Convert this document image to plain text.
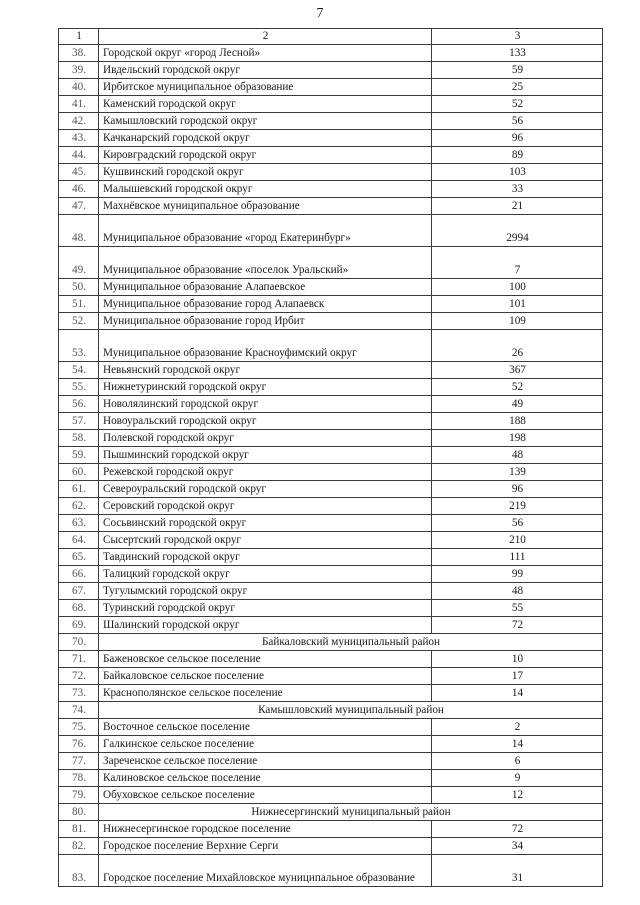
7
1	2	3
38.	Городской округ «город Лесной»	133
39.	Ивдельский городской округ	59
40.	Ирбитское муниципальное образование	25
41.	Каменский городской округ	52
42.	Камышловский городской округ	56
43.	Качканарский городской округ	96
44.	Кировградский городской округ	89
45.	Кушвинский городской округ	103
46.	Малышевский городской округ	33
47.	Махнёвское муниципальное образование	21
48.	Муниципальное образование «город Екатеринбург»	2994
49.	Муниципальное образование «поселок Уральский»	7
50.	Муниципальное образование Алапаевское	100
51.	Муниципальное образование город Алапаевск	101
52.	Муниципальное образование город Ирбит	109
53.	Муниципальное образование Красноуфимский округ	26
54.	Невьянский городской округ	367
55.	Нижнетуринский городской округ	52
56.	Новолялинский городской округ	49
57.	Новоуральский городской округ	188
58.	Полевской городской округ	198
59.	Пышминский городской округ	48
60.	Режевской городской округ	139
61.	Североуральский городской округ	96
62.	Серовский городской округ	219
63.	Сосьвинский городской округ	56
64.	Сысертский городской округ	210
65.	Тавдинский городской округ	111
66.	Талицкий городской округ	99
67.	Тугулымский городской округ	48
68.	Туринский городской округ	55
69.	Шалинский городской округ	72
70.	Байкаловский муниципальный район	
71.	Баженовское сельское поселение	10
72.	Байкаловское сельское поселение	17
73.	Краснополянское сельское поселение	14
74.	Камышловский муниципальный район	
75.	Восточное сельское поселение	2
76.	Галкинское сельское поселение	14
77.	Зареченское сельское поселение	6
78.	Калиновское сельское поселение	9
79.	Обуховское сельское поселение	12
80.	Нижнесергинский муниципальный район	
81.	Нижнесергинское городское поселение	72
82.	Городское поселение Верхние Серги	34
83.	Городское поселение Михайловское муниципальное образование	31
